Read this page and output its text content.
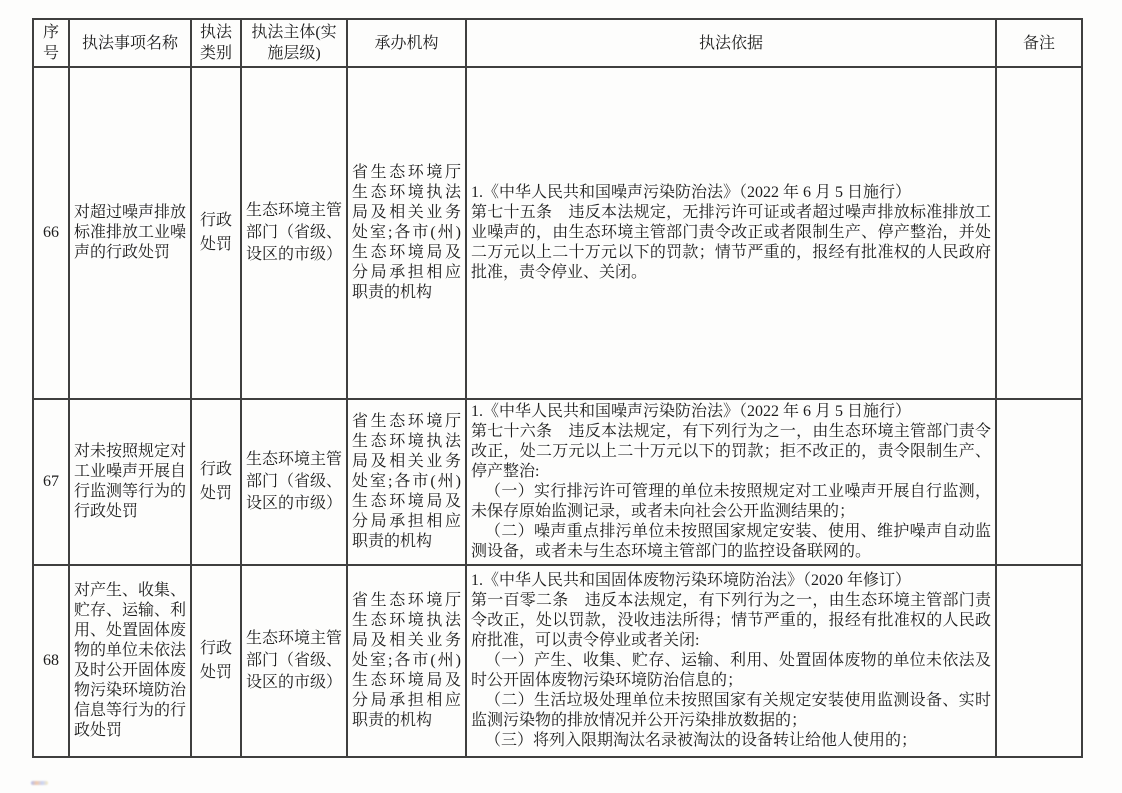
序号	执法事项名称	执法类别	执法主体(实施层级)	承办机构	执法依据	备注
66	对超过噪声排放标准排放工业噪声的行政处罚	行政处罚	生态环境主管部门（省级、设区的市级）	省生态环境厅生态环境执法局及相关业务处室;各市(州)生态环境局及分局承担相应职责的机构	1.《中华人民共和国噪声污染防治法》（2022 年 6 月 5 日施行）

第七十五条　违反本法规定，无排污许可证或者超过噪声排放标准排放工业噪声的，由生态环境主管部门责令改正或者限制生产、停产整治，并处二万元以上二十万元以下的罚款；情节严重的，报经有批准权的人民政府批准，责令停业、关闭。	

67	对未按照规定对工业噪声开展自行监测等行为的行政处罚	行政处罚	生态环境主管部门（省级、设区的市级）	省生态环境厅生态环境执法局及相关业务处室;各市(州)生态环境局及分局承担相应职责的机构	1.《中华人民共和国噪声污染防治法》（2022 年 6 月 5 日施行）

第七十六条　违反本法规定，有下列行为之一，由生态环境主管部门责令改正，处二万元以上二十万元以下的罚款；拒不改正的，责令限制生产、停产整治:

（一）实行排污许可管理的单位未按照规定对工业噪声开展自行监测，未保存原始监测记录，或者未向社会公开监测结果的；

（二）噪声重点排污单位未按照国家规定安装、使用、维护噪声自动监测设备，或者未与生态环境主管部门的监控设备联网的。	

68	对产生、收集、贮存、运输、利用、处置固体废物的单位未依法及时公开固体废物污染环境防治信息等行为的行政处罚	行政处罚	生态环境主管部门（省级、设区的市级）	省生态环境厅生态环境执法局及相关业务处室;各市(州)生态环境局及分局承担相应职责的机构	1.《中华人民共和国固体废物污染环境防治法》（2020 年修订）

第一百零二条　违反本法规定，有下列行为之一，由生态环境主管部门责令改正，处以罚款，没收违法所得；情节严重的，报经有批准权的人民政府批准，可以责令停业或者关闭:

（一）产生、收集、贮存、运输、利用、处置固体废物的单位未依法及时公开固体废物污染环境防治信息的；

（二）生活垃圾处理单位未按照国家有关规定安装使用监测设备、实时监测污染物的排放情况并公开污染排放数据的；

（三）将列入限期淘汰名录被淘汰的设备转让给他人使用的；	
